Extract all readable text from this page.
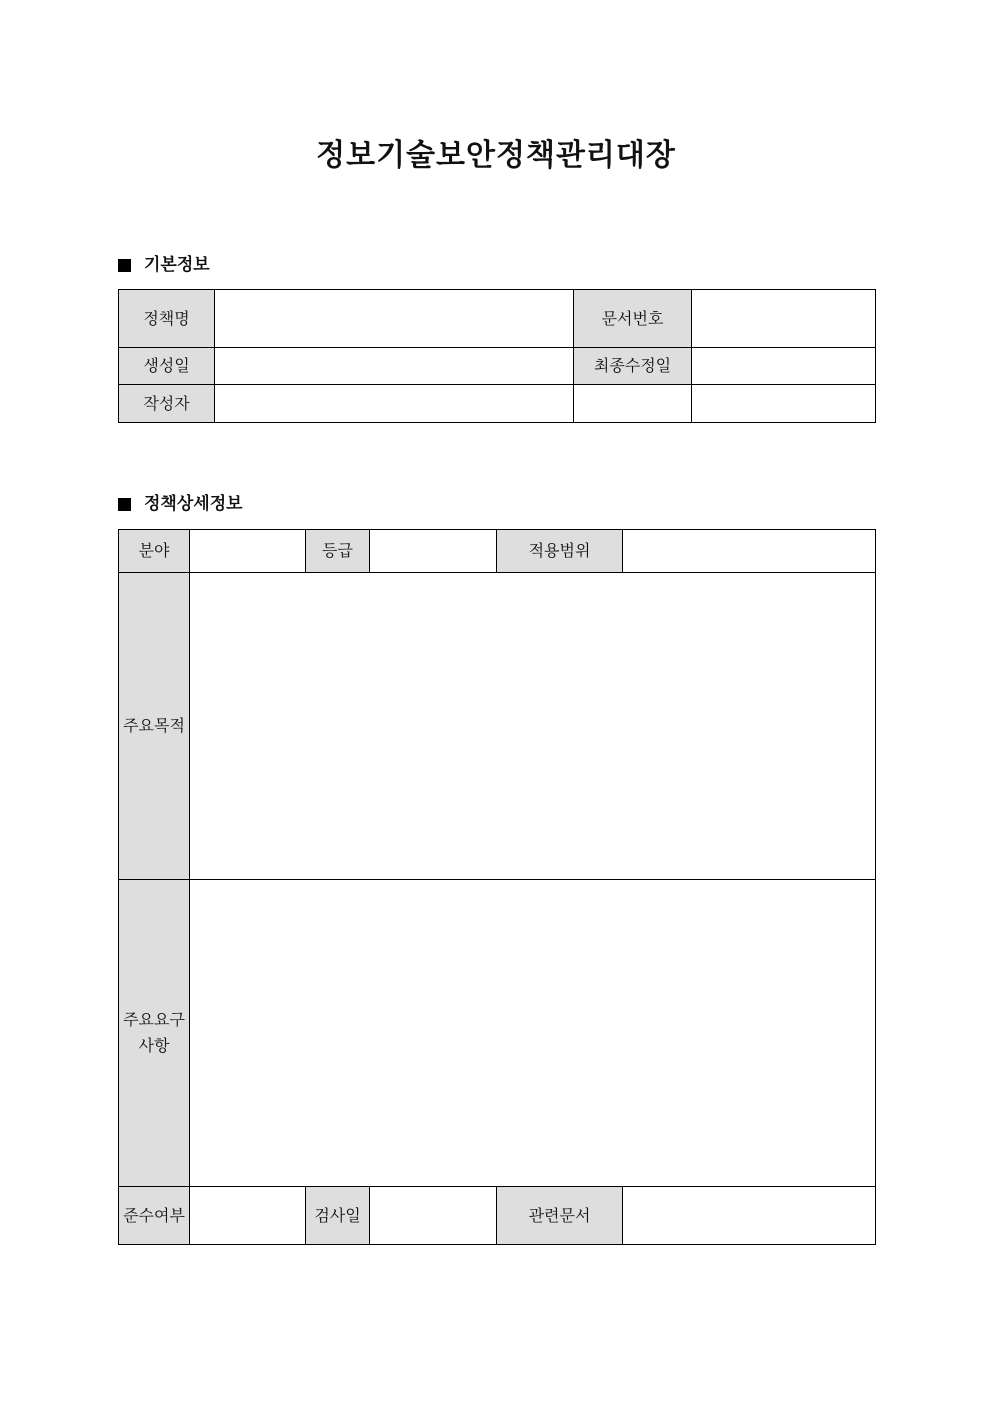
정보기술보안정책관리대장
기본정보
정책명		문서번호	
생성일		최종수정일	
작성자			
정책상세정보
분야		등급		적용범위	
주요목적					
주요요구사항					
준수여부		검사일		관련문서	
